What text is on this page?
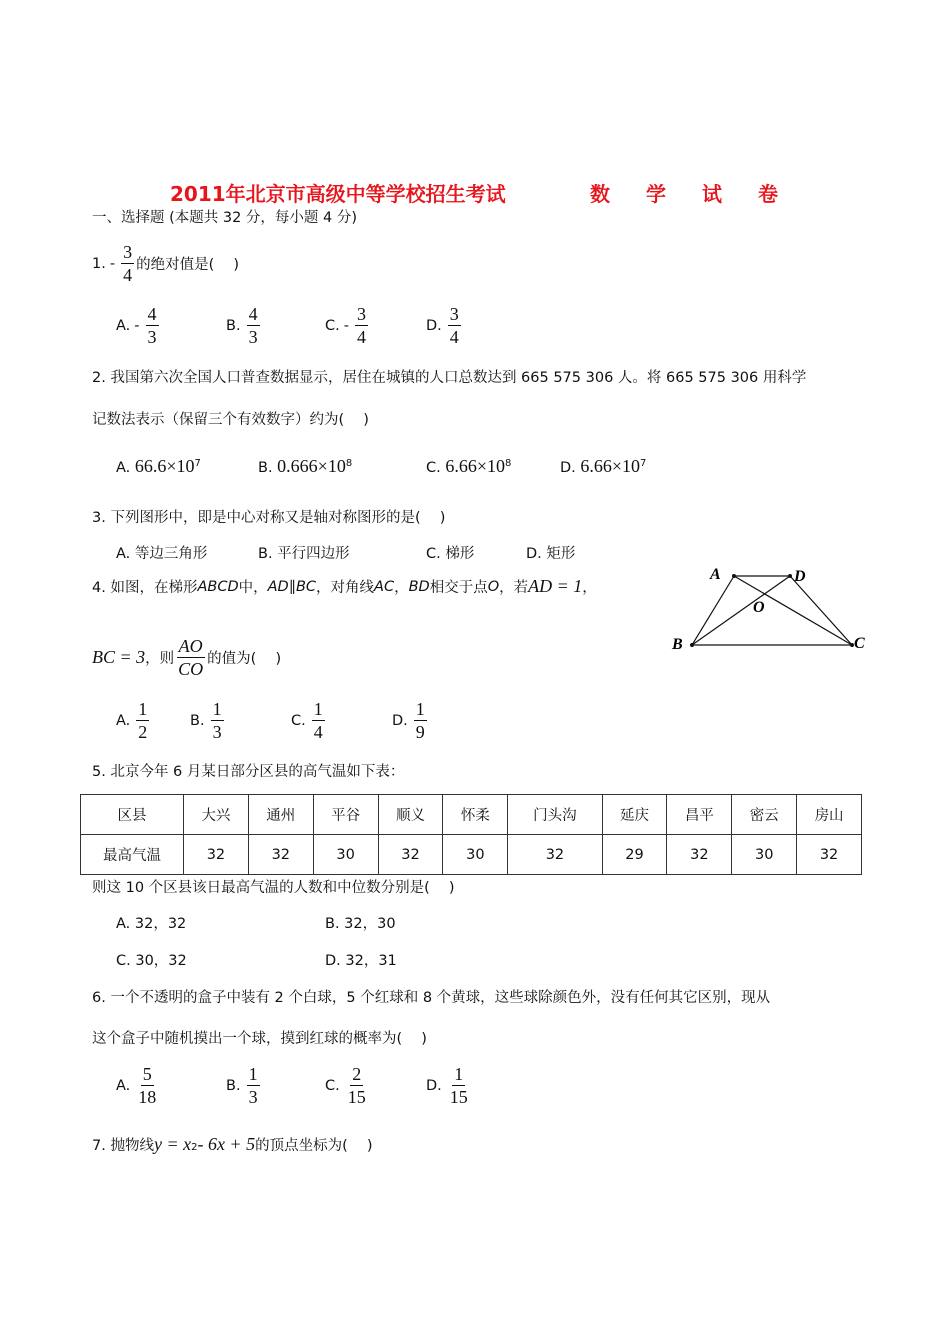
2011年北京市高级中等学校招生考试	数 学 试 卷
一、选择题 (本题共 32 分，每小题 4 分)
1. - $\frac{3}{4}$ 的绝对值是(　 )
A. - $\frac{4}{3}$	B. $\frac{4}{3}$	C. - $\frac{3}{4}$	D. $\frac{3}{4}$
2. 我国第六次全国人口普查数据显示，居住在城镇的人口总数达到 665 575 306 人。将 665 575 306 用科学
记数法表示（保留三个有效数字）约为(　 )
A. $66.6\times 10^7$	B. $0.666\times 10^8$	C. $6.66\times 10^8$	D. $6.66\times 10^7$
3. 下列图形中，即是中心对称又是轴对称图形的是(　 )
A. 等边三角形	B. 平行四边形	C. 梯形	D. 矩形
4. 如图，在梯形 ABCD 中， AD∥BC ，对角线 AC ， BD 相交于点 O ，若 AD = 1 ，
BC = 3 ，则 $\frac{AO}{CO}$ 的值为(　 )
A	D
O
B	C
A. $\frac{1}{2}$	B. $\frac{1}{3}$	C. $\frac{1}{4}$	D. $\frac{1}{9}$
5. 北京今年 6 月某日部分区县的高气温如下表：
区县	大兴	通州	平谷	顺义	怀柔	门头沟	延庆	昌平	密云	房山
最高气温	32	32	30	32	30	32	29	32	30	32
则这 10 个区县该日最高气温的人数和中位数分别是(　 )
A. 32，32	B. 32，30
C. 30，32	D. 32，31
6. 一个不透明的盒子中装有 2 个白球，5 个红球和 8 个黄球，这些球除颜色外，没有任何其它区别，现从
这个盒子中随机摸出一个球，摸到红球的概率为(　 )
A. $\frac{5}{18}$	B. $\frac{1}{3}$	C. $\frac{2}{15}$	D. $\frac{1}{15}$
7. 抛物线 $y = x_2 - 6x + 5$ 的顶点坐标为(　 )
